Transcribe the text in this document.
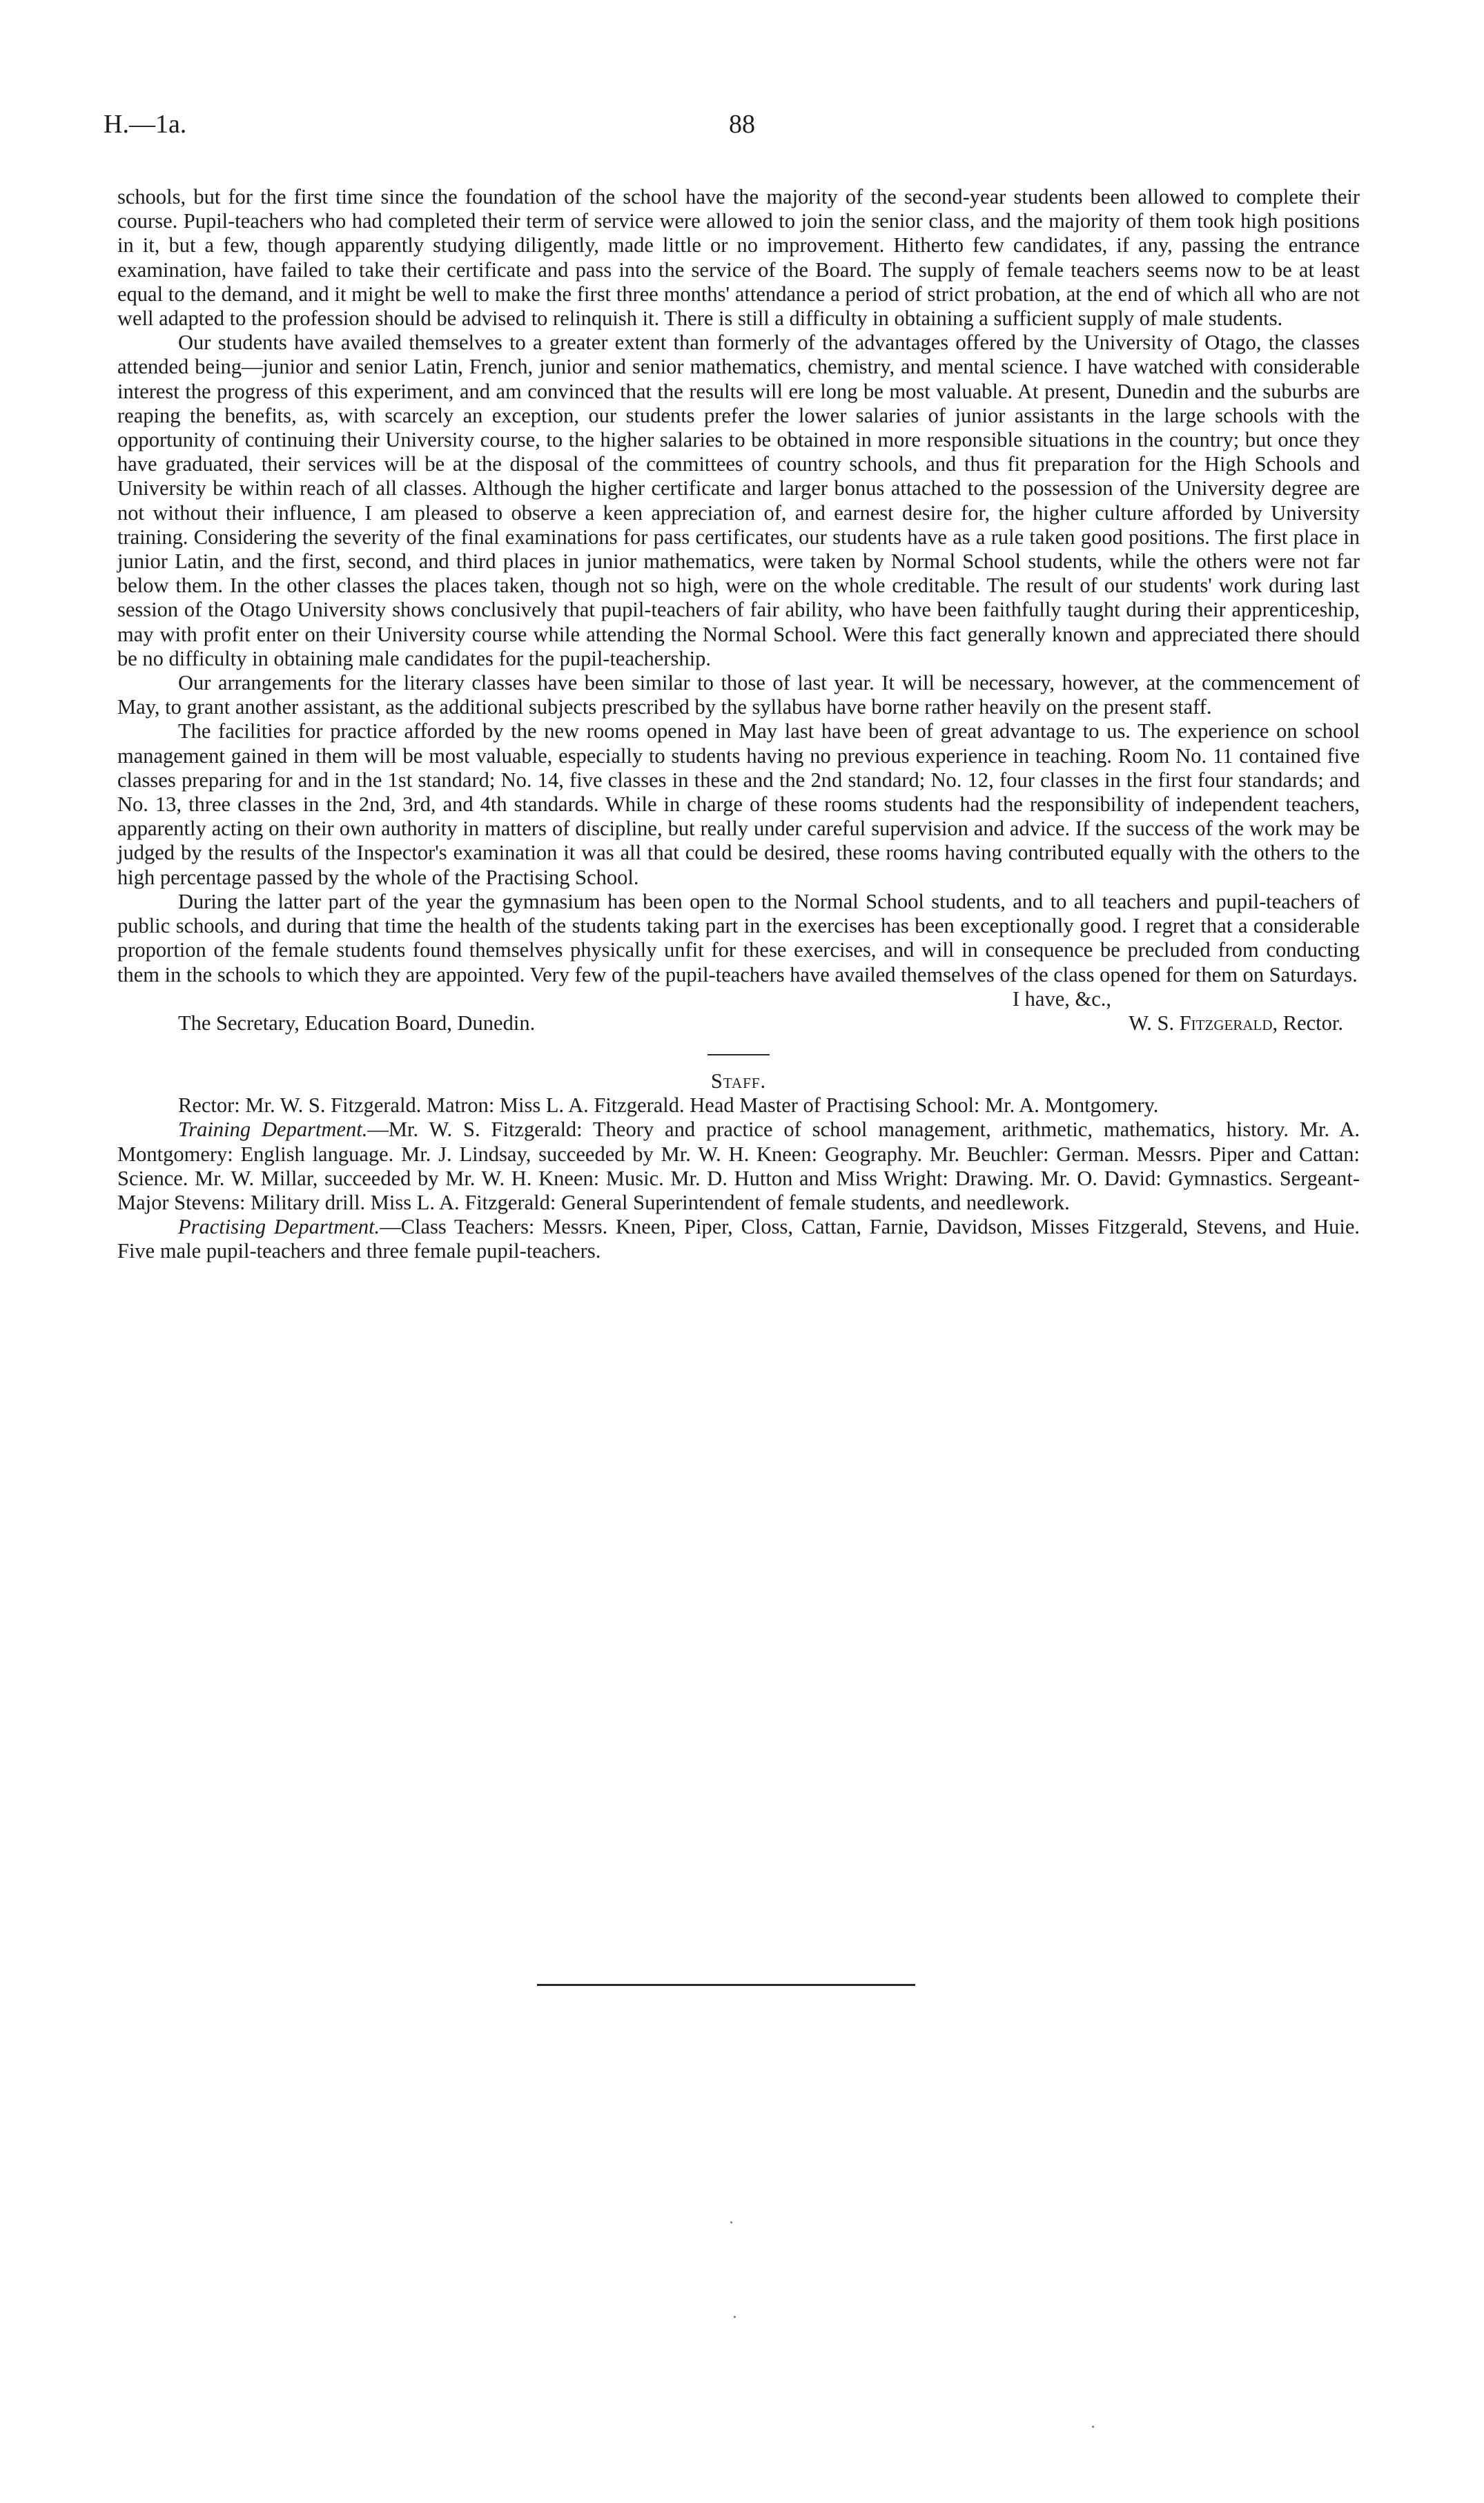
H.—1a.	88

schools, but for the first time since the foundation of the school have the majority of the second-year students been allowed to complete their course. Pupil-teachers who had completed their term of service were allowed to join the senior class, and the majority of them took high positions in it, but a few, though apparently studying diligently, made little or no improvement. Hitherto few candidates, if any, passing the entrance examination, have failed to take their certificate and pass into the service of the Board. The supply of female teachers seems now to be at least equal to the demand, and it might be well to make the first three months' attendance a period of strict probation, at the end of which all who are not well adapted to the profession should be advised to relinquish it. There is still a difficulty in obtaining a sufficient supply of male students.

Our students have availed themselves to a greater extent than formerly of the advantages offered by the University of Otago, the classes attended being—junior and senior Latin, French, junior and senior mathematics, chemistry, and mental science. I have watched with considerable interest the progress of this experiment, and am convinced that the results will ere long be most valuable. At present, Dunedin and the suburbs are reaping the benefits, as, with scarcely an exception, our students prefer the lower salaries of junior assistants in the large schools with the opportunity of continuing their University course, to the higher salaries to be obtained in more responsible situations in the country; but once they have graduated, their services will be at the disposal of the committees of country schools, and thus fit preparation for the High Schools and University be within reach of all classes. Although the higher certificate and larger bonus attached to the possession of the University degree are not without their influence, I am pleased to observe a keen appreciation of, and earnest desire for, the higher culture afforded by University training. Considering the severity of the final examinations for pass certificates, our students have as a rule taken good positions. The first place in junior Latin, and the first, second, and third places in junior mathematics, were taken by Normal School students, while the others were not far below them. In the other classes the places taken, though not so high, were on the whole creditable. The result of our students' work during last session of the Otago University shows conclusively that pupil-teachers of fair ability, who have been faithfully taught during their apprenticeship, may with profit enter on their University course while attending the Normal School. Were this fact generally known and appreciated there should be no difficulty in obtaining male candidates for the pupil-teachership.

Our arrangements for the literary classes have been similar to those of last year. It will be necessary, however, at the commencement of May, to grant another assistant, as the additional subjects prescribed by the syllabus have borne rather heavily on the present staff.

The facilities for practice afforded by the new rooms opened in May last have been of great advantage to us. The experience on school management gained in them will be most valuable, especially to students having no previous experience in teaching. Room No. 11 contained five classes preparing for and in the 1st standard; No. 14, five classes in these and the 2nd standard; No. 12, four classes in the first four standards; and No. 13, three classes in the 2nd, 3rd, and 4th standards. While in charge of these rooms students had the responsibility of independent teachers, apparently acting on their own authority in matters of discipline, but really under careful supervision and advice. If the success of the work may be judged by the results of the Inspector's examination it was all that could be desired, these rooms having contributed equally with the others to the high percentage passed by the whole of the Practising School.

During the latter part of the year the gymnasium has been open to the Normal School students, and to all teachers and pupil-teachers of public schools, and during that time the health of the students taking part in the exercises has been exceptionally good. I regret that a considerable proportion of the female students found themselves physically unfit for these exercises, and will in consequence be precluded from conducting them in the schools to which they are appointed. Very few of the pupil-teachers have availed themselves of the class opened for them on Saturdays.

I have, &c.,

The Secretary, Education Board, Dunedin.	W. S. Fitzgerald, Rector.

Staff.

Rector: Mr. W. S. Fitzgerald. Matron: Miss L. A. Fitzgerald. Head Master of Practising School: Mr. A. Montgomery.

Training Department.—Mr. W. S. Fitzgerald: Theory and practice of school management, arithmetic, mathematics, history. Mr. A. Montgomery: English language. Mr. J. Lindsay, succeeded by Mr. W. H. Kneen: Geography. Mr. Beuchler: German. Messrs. Piper and Cattan: Science. Mr. W. Millar, succeeded by Mr. W. H. Kneen: Music. Mr. D. Hutton and Miss Wright: Drawing. Mr. O. David: Gymnastics. Sergeant-Major Stevens: Military drill. Miss L. A. Fitzgerald: General Superintendent of female students, and needlework.

Practising Department.—Class Teachers: Messrs. Kneen, Piper, Closs, Cattan, Farnie, Davidson, Misses Fitzgerald, Stevens, and Huie. Five male pupil-teachers and three female pupil-teachers.
